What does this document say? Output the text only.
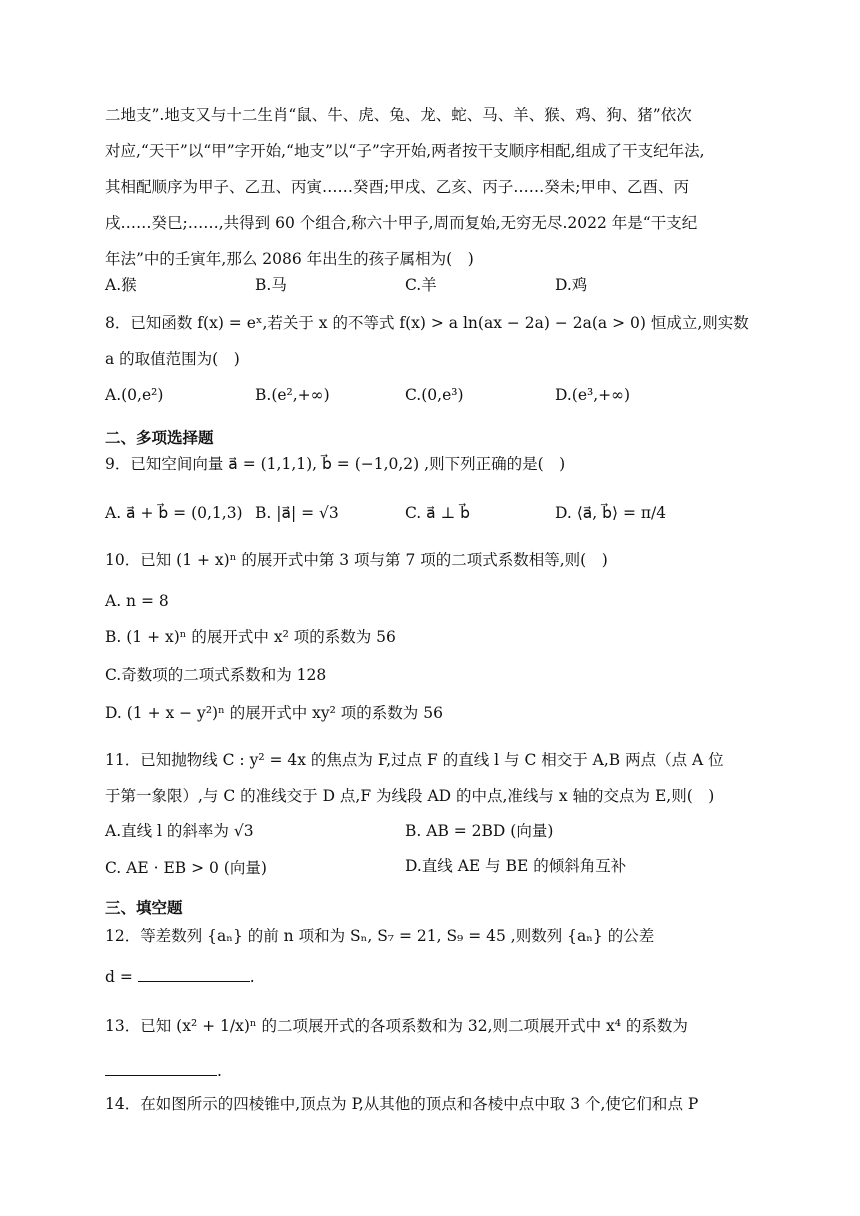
二地支”.地支又与十二生肖“鼠、牛、虎、兔、龙、蛇、马、羊、猴、鸡、狗、猪”依次
对应,“天干”以“甲”字开始,“地支”以“子”字开始,两者按干支顺序相配,组成了干支纪年法,
其相配顺序为甲子、乙丑、丙寅……癸酉;甲戌、乙亥、丙子……癸未;甲申、乙酉、丙
戌……癸巳;……,共得到 60 个组合,称六十甲子,周而复始,无穷无尽.2022 年是“干支纪
年法”中的壬寅年,那么 2086 年出生的孩子属相为(　)
A.猴	B.马	C.羊	D.鸡
8．已知函数 f(x) = eˣ,若关于 x 的不等式 f(x) > a ln(ax − 2a) − 2a(a > 0) 恒成立,则实数
a 的取值范围为(　)
A.(0,e²)	B.(e²,+∞)	C.(0,e³)	D.(e³,+∞)
二、多项选择题
9．已知空间向量 a⃗ = (1,1,1), b⃗ = (−1,0,2) ,则下列正确的是(　)
A. a⃗ + b⃗ = (0,1,3) B. |a⃗| = √3	C. a⃗ ⊥ b⃗	D. ⟨a⃗, b⃗⟩ = π/4
10．已知 (1 + x)ⁿ 的展开式中第 3 项与第 7 项的二项式系数相等,则(　)
A. n = 8
B. (1 + x)ⁿ 的展开式中 x² 项的系数为 56
C.奇数项的二项式系数和为 128
D. (1 + x − y²)ⁿ 的展开式中 xy² 项的系数为 56
11．已知抛物线 C : y² = 4x 的焦点为 F,过点 F 的直线 l 与 C 相交于 A,B 两点（点 A 位
于第一象限）,与 C 的准线交于 D 点,F 为线段 AD 的中点,准线与 x 轴的交点为 E,则(　)
A.直线 l 的斜率为 √3	B. AB = 2BD (向量)
C. AE · EB > 0 (向量)	D.直线 AE 与 BE 的倾斜角互补
三、填空题
12．等差数列 {aₙ} 的前 n 项和为 Sₙ, S₇ = 21, S₉ = 45 ,则数列 {aₙ} 的公差
d =	.
13．已知 (x² + 1/x)ⁿ 的二项展开式的各项系数和为 32,则二项展开式中 x⁴ 的系数为
.
14．在如图所示的四棱锥中,顶点为 P,从其他的顶点和各棱中点中取 3 个,使它们和点 P
